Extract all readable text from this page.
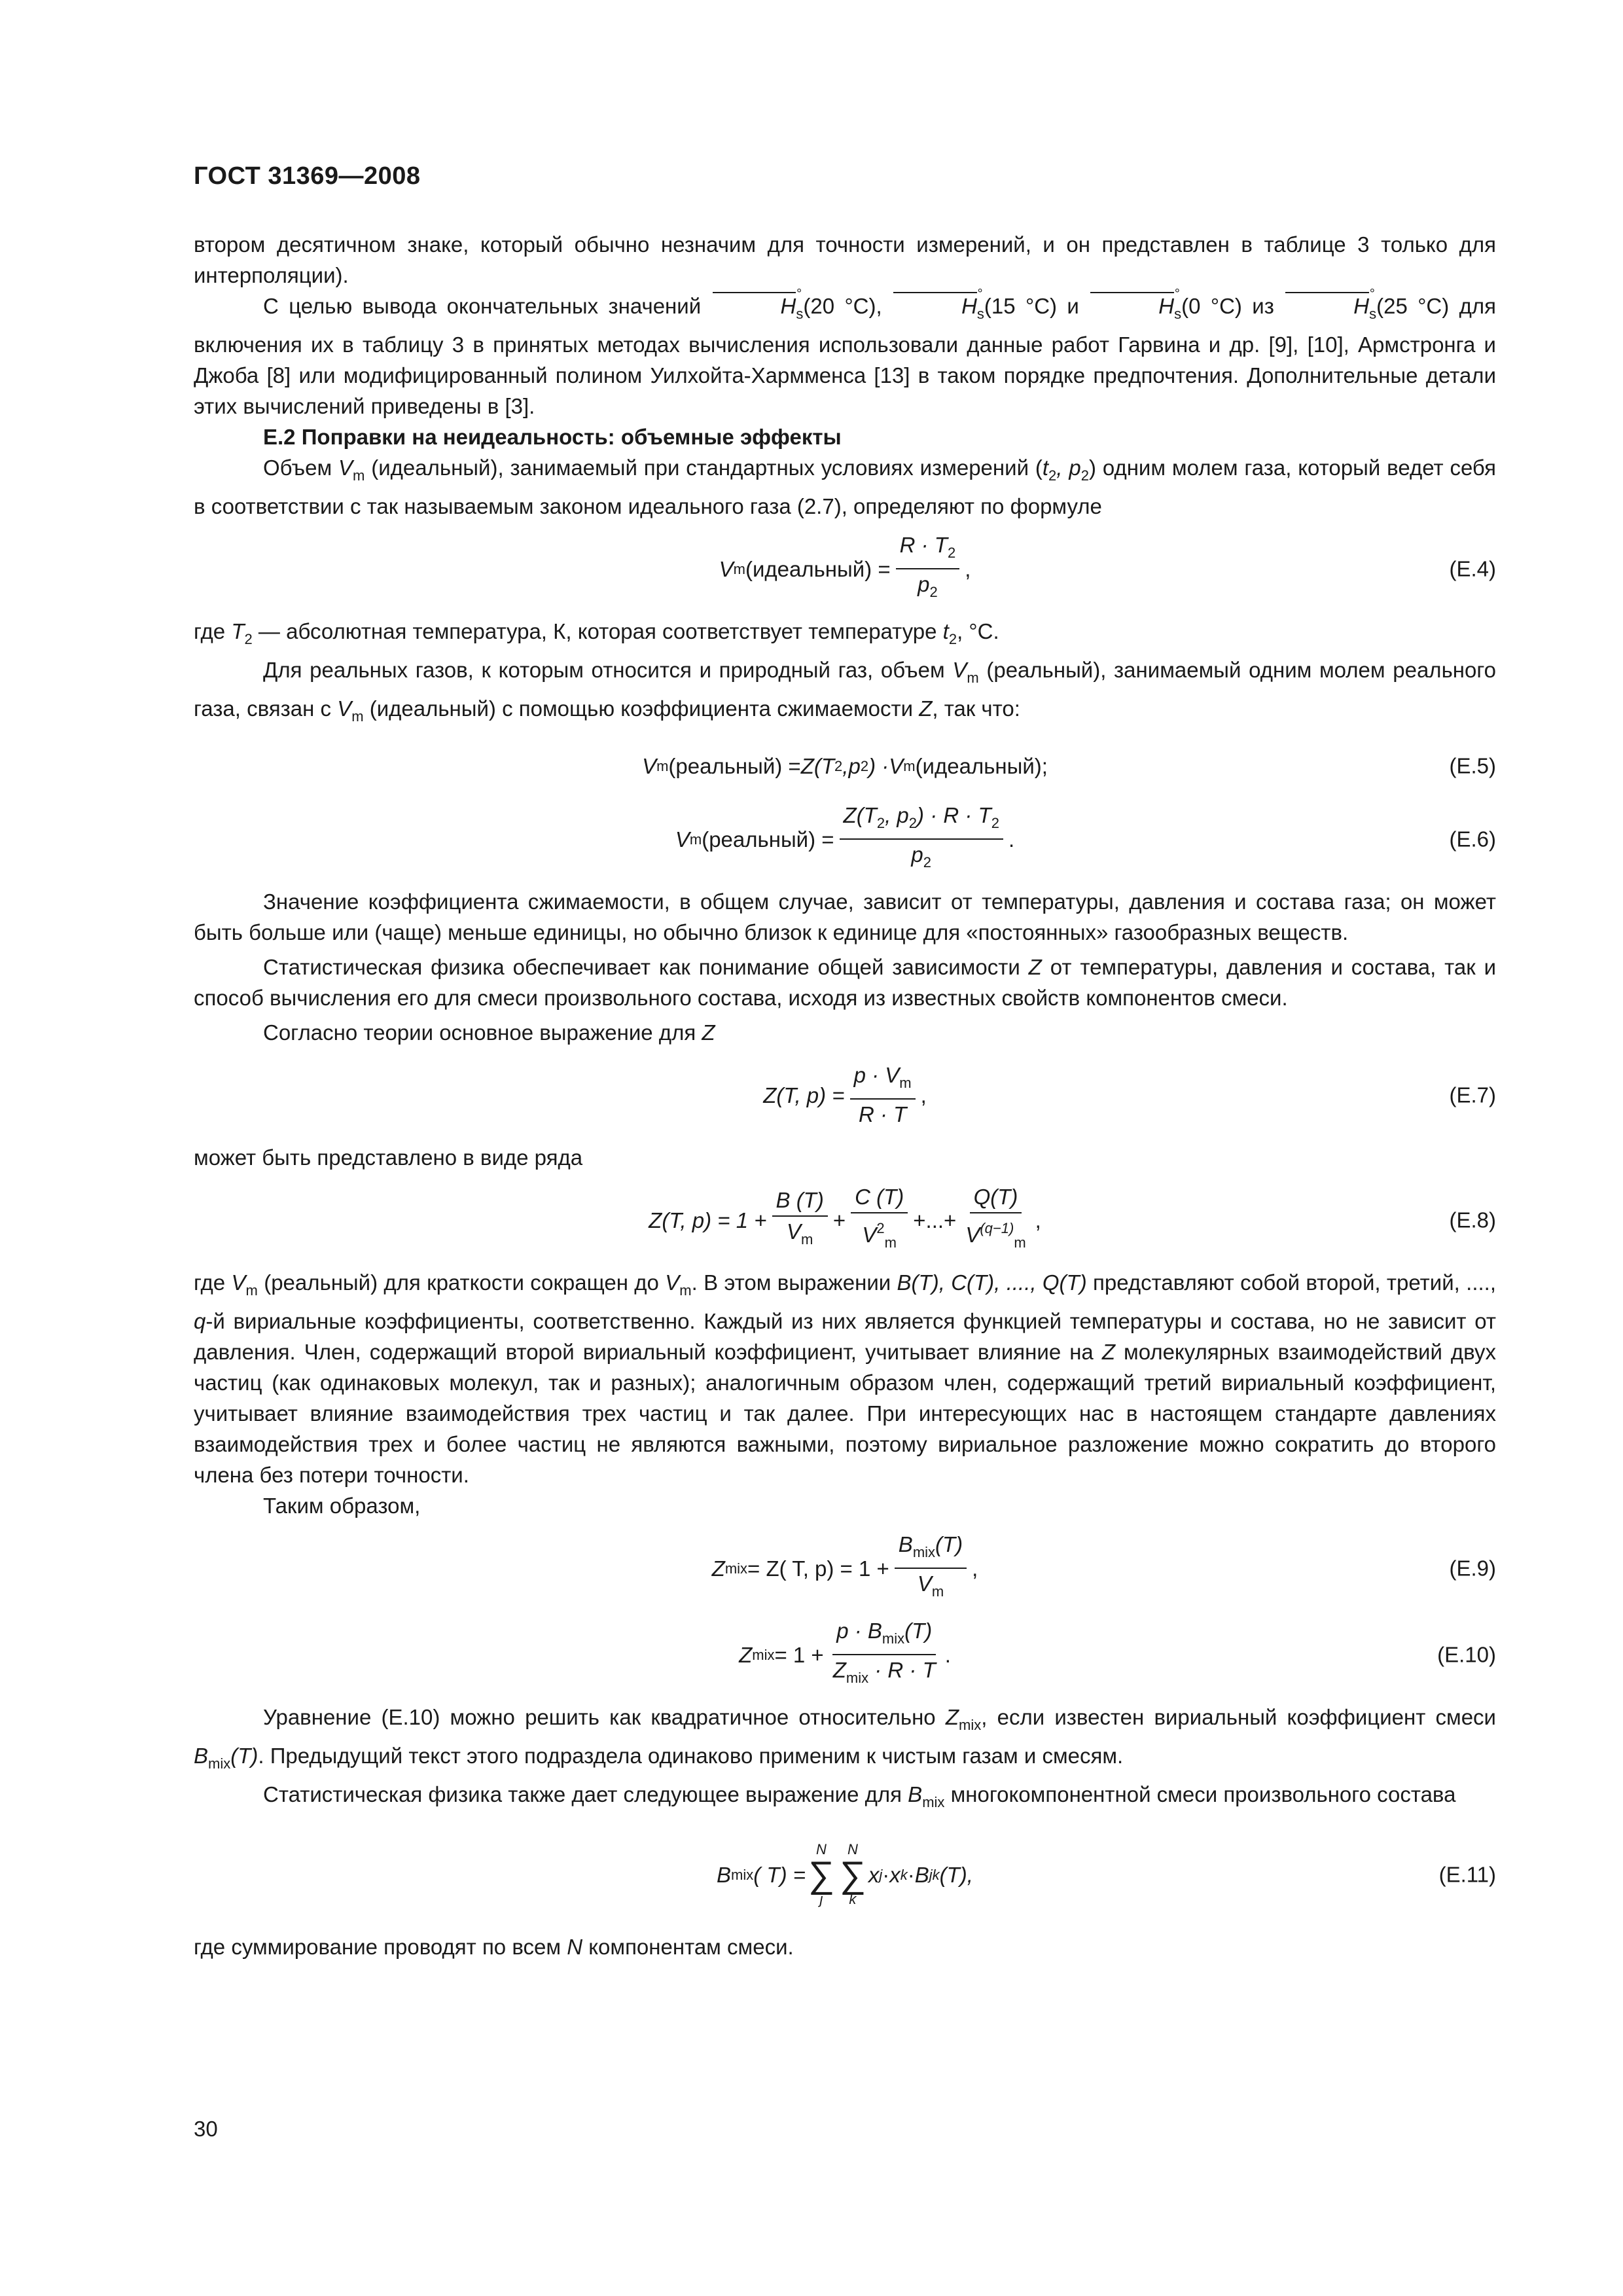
ГОСТ 31369—2008

втором десятичном знаке, который обычно незначим для точности измерений, и он представлен в таблице 3 только для интерполяции).

С целью вывода окончательных значений	H °
$_s$(20 °С),	H °
$_s$(15 °С) и	H °
$_s$(0 °С) из	H °
$_s$(25 °С) для включения их в таблицу 3 в принятых методах вычисления использовали данные работ Гарвина и др. [9], [10], Армстронга и Джоба [8] или модифицированный полином Уилхойта-Хармменса [13] в таком порядке предпочтения. Дополнительные детали этих вычислений приведены в [3].

Е.2 Поправки на неидеальность: объемные эффекты

Объем $V_m$ (идеальный), занимаемый при стандартных условиях измерений ($t_2$, $p_2$) одним молем газа, который ведет себя в соответствии с так называемым законом идеального газа (2.7), определяют по формуле

V m (идеальный) = $\frac{R \cdot T_2}{p_2}$ ,	(Е.4)

где $T_2$ — абсолютная температура, К, которая соответствует температуре $t_2$, °С.

Для реальных газов, к которым относится и природный газ, объем $V_m$ (реальный), занимаемый одним молем реального газа, связан с $V_m$ (идеальный) с помощью коэффициента сжимаемости Z, так что:

V m (реальный) = Z(T 2 ,p 2 ) · V m (идеальный);	(Е.5)
V m (реальный) = $\frac{Z(T_2, p_2) \cdot R \cdot T_2}{p_2}$ .	(Е.6)

Значение коэффициента сжимаемости, в общем случае, зависит от температуры, давления и состава газа; он может быть больше или (чаще) меньше единицы, но обычно близок к единице для «постоянных» газообразных веществ.

Статистическая физика обеспечивает как понимание общей зависимости Z от температуры, давления и состава, так и способ вычисления его для смеси произвольного состава, исходя из известных свойств компонентов смеси.

Согласно теории основное выражение для Z

Z(T, $p) = \frac{p \cdot V_m}{R \cdot T}$ ,	(Е.7)

может быть представлено в виде ряда

Z(T, $p) = 1 + \frac{B (T)}{V_m} + \frac{C (T)}{V^2_m}$ +...+ $\frac{Q(T)}{V^{(q-1)}_m}$ ,	(Е.8)

где $V_m$ (реальный) для краткости сокращен до $V_m$. В этом выражении B(T), C(T), ...., Q(T) представляют собой второй, третий, ...., q-й вириальные коэффициенты, соответственно. Каждый из них является функцией температуры и состава, но не зависит от давления. Член, содержащий второй вириальный коэффициент, учитывает влияние на Z молекулярных взаимодействий двух частиц (как одинаковых молекул, так и разных); аналогичным образом член, содержащий третий вириальный коэффициент, учитывает влияние взаимодействия трех частиц и так далее. При интересующих нас в настоящем стандарте давлениях взаимодействия трех и более частиц не являются важными, поэтому вириальное разложение можно сократить до второго члена без потери точности.

Таким образом,

Z mix = Z( T, $p) = 1 + \frac{B_{mix}(T)}{V_m}$ ,	(Е.9)
Z mix = $1 + \frac{p \cdot B_{mix}(T)}{Z_{mix} \cdot R \cdot T}$ .	(Е.10)

Уравнение (Е.10) можно решить как квадратичное относительно $Z_{mix}$, если известен вириальный коэффициент смеси $B_{mix}(T)$. Предыдущий текст этого подраздела одинаково применим к чистым газам и смесям.

Статистическая физика также дает следующее выражение для $B_{mix}$ многокомпонентной смеси произвольного состава

B mix ( T) =
N
∑
j
N
∑
k
x j · x k · B jk (T),	(Е.11)

где суммирование проводят по всем N компонентам смеси.

30
